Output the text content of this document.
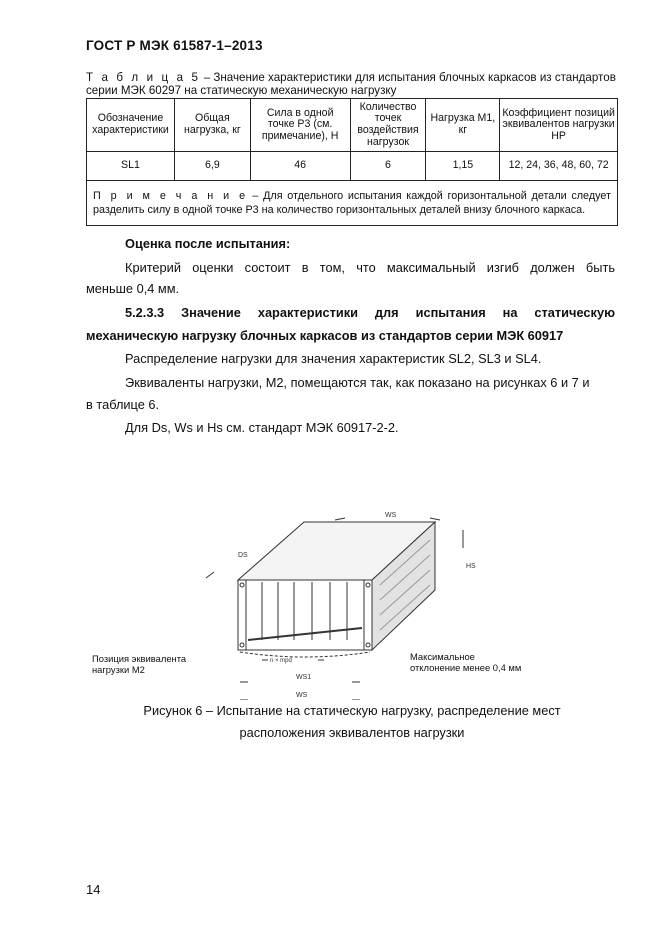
ГОСТ Р МЭК 61587-1–2013
Т а б л и ц а 5 – Значение характеристики для испытания блочных каркасов из стандартов серии МЭК 60297 на статическую механическую нагрузку
Обозначение характеристики	Общая нагрузка, кг	Сила в одной точке P3 (см. примечание), Н	Количество точек воздействия нагрузок	Нагрузка М1, кг	Коэффициент позиций эквивалентов нагрузки HP
SL1	6,9	46	6	1,15	12, 24, 36, 48, 60, 72
П р и м е ч а н и е – Для отдельного испытания каждой горизонтальной детали следует разделить силу в одной точке P3 на количество горизонтальных деталей внизу блочного каркаса.					
Оценка после испытания:
Критерий оценки состоит в том, что максимальный изгиб должен быть
меньше 0,4 мм.
5.2.3.3 Значение характеристики для испытания на статическую
механическую нагрузку блочных каркасов из стандартов серии МЭК 60917
Распределение нагрузки для значения характеристик SL2, SL3 и SL4.
Эквиваленты нагрузки, М2, помещаются так, как показано на рисунках 6 и 7 и
в таблице 6.
Для Ds, Ws и Hs см. стандарт МЭК 60917-2-2.
WS
DS
HS
n × mpd
WS1
WS
Позиция эквивалента
нагрузки М2
Максимальное
отклонение менее 0,4 мм
Рисунок 6 – Испытание на статическую нагрузку, распределение мест
расположения эквивалентов нагрузки
14
